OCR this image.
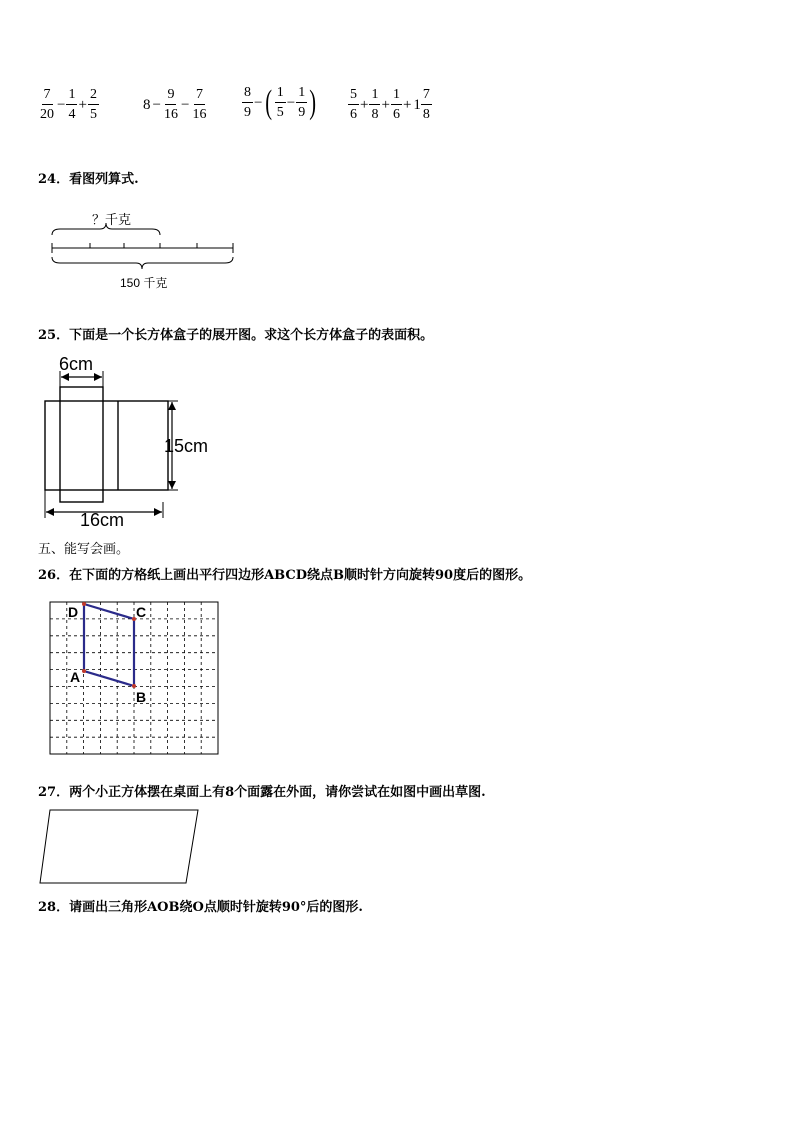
$\frac{7}{20} - \frac{1}{4} + \frac{2}{5}$	$8 - \frac{9}{16} - \frac{7}{16} \frac{8}{9}$ − ( $\frac{1}{5} - \frac{1}{9}$ ) $\frac{5}{6} + \frac{1}{8} + \frac{1}{6} + 1 \frac{7}{8}$
24．看图列算式.
？千克
150 千克
25．下面是一个长方体盒子的展开图。求这个长方体盒子的表面积。
6cm
15cm
16cm
五、能写会画。
26．在下面的方格纸上画出平行四边形ABCD绕点B顺时针方向旋转90度后的图形。
D	C
A
B
27．两个小正方体摆在桌面上有8个面露在外面，请你尝试在如图中画出草图.
28．请画出三角形AOB绕O点顺时针旋转90°后的图形.
